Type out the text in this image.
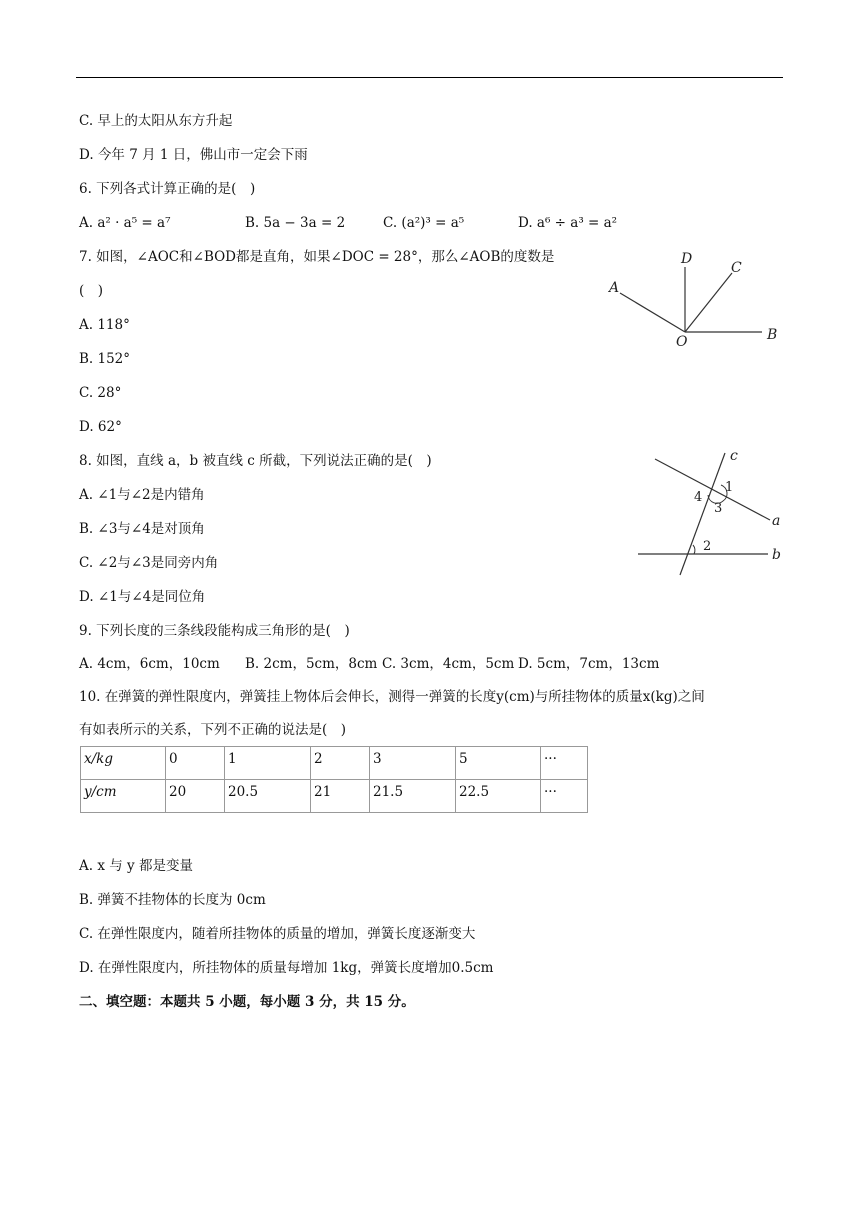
C. 早上的太阳从东方升起
D. 今年 7 月 1 日，佛山市一定会下雨
6. 下列各式计算正确的是(　)
A. a² · a⁵ = a⁷	B. 5a − 3a = 2	C. (a²)³ = a⁵	D. a⁶ ÷ a³ = a²
7. 如图，∠AOC和∠BOD都是直角，如果∠DOC = 28°，那么∠AOB的度数是
(　)
A. 118°
B. 152°
C. 28°
D. 62°
A
D
C
B
O
8. 如图，直线 a，b 被直线 c 所截，下列说法正确的是(　)
A. ∠1与∠2是内错角
B. ∠3与∠4是对顶角
C. ∠2与∠3是同旁内角
D. ∠1与∠4是同位角
c
a
b
1
2
3
4
9. 下列长度的三条线段能构成三角形的是(　)
A. 4cm，6cm，10cm B. 2cm，5cm，8cm C. 3cm，4cm，5cm D. 5cm，7cm，13cm
10. 在弹簧的弹性限度内，弹簧挂上物体后会伸长，测得一弹簧的长度y(cm)与所挂物体的质量x(kg)之间
有如表所示的关系，下列不正确的说法是(　)
x/kg	0	1	2	3	5	···
y/cm	20	20.5	21	21.5	22.5	···
A. x 与 y 都是变量
B. 弹簧不挂物体的长度为 0cm
C. 在弹性限度内，随着所挂物体的质量的增加，弹簧长度逐渐变大
D. 在弹性限度内，所挂物体的质量每增加 1kg，弹簧长度增加0.5cm
二、填空题：本题共 5 小题，每小题 3 分，共 15 分。
